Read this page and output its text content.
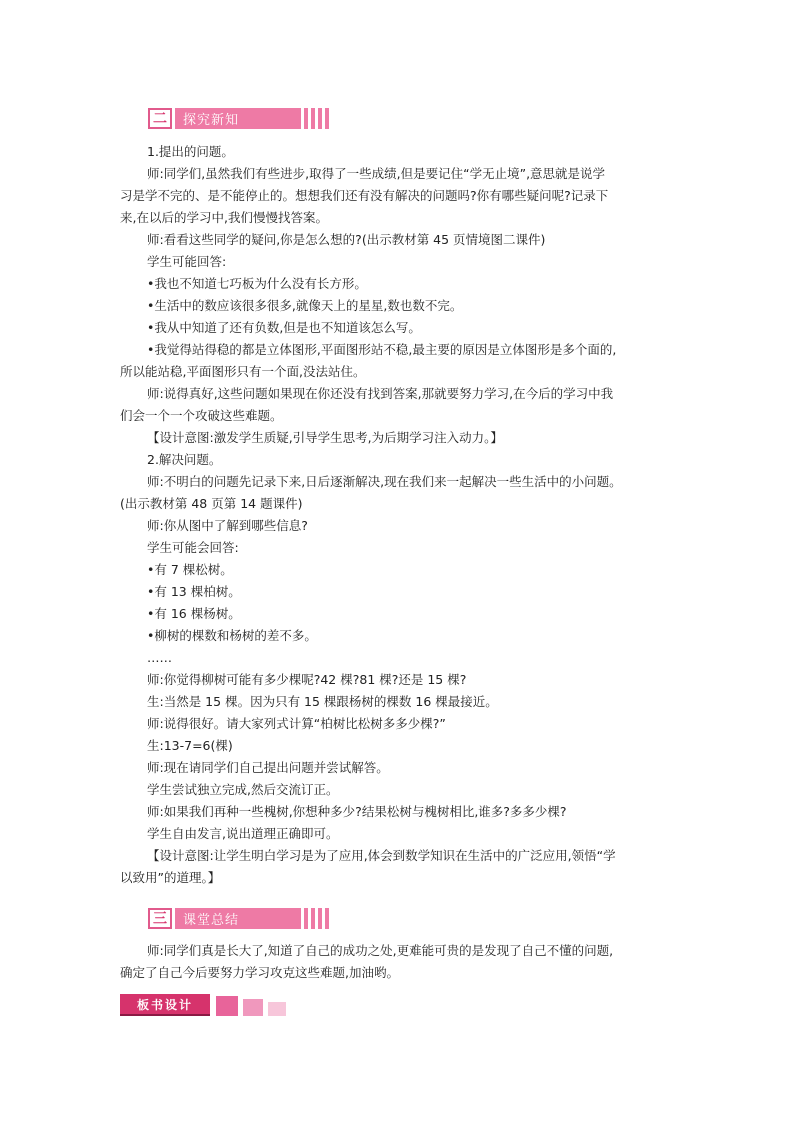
二	探究新知

1.提出的问题。

师:同学们,虽然我们有些进步,取得了一些成绩,但是要记住“学无止境”,意思就是说学

习是学不完的、是不能停止的。想想我们还有没有解决的问题吗?你有哪些疑问呢?记录下

来,在以后的学习中,我们慢慢找答案。

师:看看这些同学的疑问,你是怎么想的?(出示教材第 45 页情境图二课件)

学生可能回答:

•我也不知道七巧板为什么没有长方形。

•生活中的数应该很多很多,就像天上的星星,数也数不完。

•我从中知道了还有负数,但是也不知道该怎么写。

•我觉得站得稳的都是立体图形,平面图形站不稳,最主要的原因是立体图形是多个面的,

所以能站稳,平面图形只有一个面,没法站住。

师:说得真好,这些问题如果现在你还没有找到答案,那就要努力学习,在今后的学习中我

们会一个一个攻破这些难题。

【设计意图:激发学生质疑,引导学生思考,为后期学习注入动力。】

2.解决问题。

师:不明白的问题先记录下来,日后逐渐解决,现在我们来一起解决一些生活中的小问题。

(出示教材第 48 页第 14 题课件)

师:你从图中了解到哪些信息?

学生可能会回答:

•有 7 棵松树。

•有 13 棵柏树。

•有 16 棵杨树。

•柳树的棵数和杨树的差不多。

……

师:你觉得柳树可能有多少棵呢?42 棵?81 棵?还是 15 棵?

生:当然是 15 棵。因为只有 15 棵跟杨树的棵数 16 棵最接近。

师:说得很好。请大家列式计算“柏树比松树多多少棵?”

生:13-7=6(棵)

师:现在请同学们自己提出问题并尝试解答。

学生尝试独立完成,然后交流订正。

师:如果我们再种一些槐树,你想种多少?结果松树与槐树相比,谁多?多多少棵?

学生自由发言,说出道理正确即可。

【设计意图:让学生明白学习是为了应用,体会到数学知识在生活中的广泛应用,领悟“学

以致用”的道理。】

三	课堂总结

师:同学们真是长大了,知道了自己的成功之处,更难能可贵的是发现了自己不懂的问题,

确定了自己今后要努力学习攻克这些难题,加油哟。

板书设计
